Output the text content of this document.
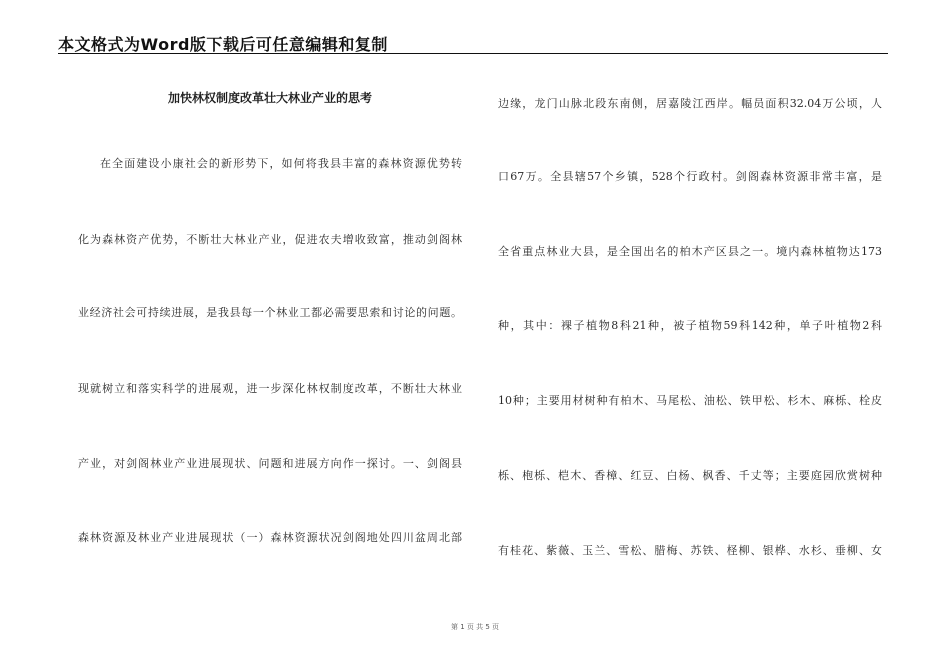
本文格式为Word版下载后可任意编辑和复制
加快林权制度改革壮大林业产业的思考
在全面建设小康社会的新形势下，如何将我县丰富的森林资源优势转
化为森林资产优势，不断壮大林业产业，促进农夫增收致富，推动剑阁林
业经济社会可持续进展，是我县每一个林业工都必需要思索和讨论的问题。
现就树立和落实科学的进展观，进一步深化林权制度改革，不断壮大林业
产业，对剑阁林业产业进展现状、问题和进展方向作一探讨。一、剑阁县
森林资源及林业产业进展现状（一）森林资源状况剑阁地处四川盆周北部
边缘，龙门山脉北段东南侧，居嘉陵江西岸。幅员面积32.04万公顷，人
口67万。全县辖57个乡镇，528个行政村。剑阁森林资源非常丰富，是
全省重点林业大县，是全国出名的柏木产区县之一。境内森林植物达173
种，其中：裸子植物8科21种，被子植物59科142种，单子叶植物2科
10种；主要用材树种有柏木、马尾松、油松、铁甲松、杉木、麻栎、栓皮
栎、枹栎、桤木、香樟、红豆、白杨、枫香、千丈等；主要庭园欣赏树种
有桂花、紫薇、玉兰、雪松、腊梅、苏铁、柽柳、银桦、水杉、垂柳、女
第 1 页 共 5 页
